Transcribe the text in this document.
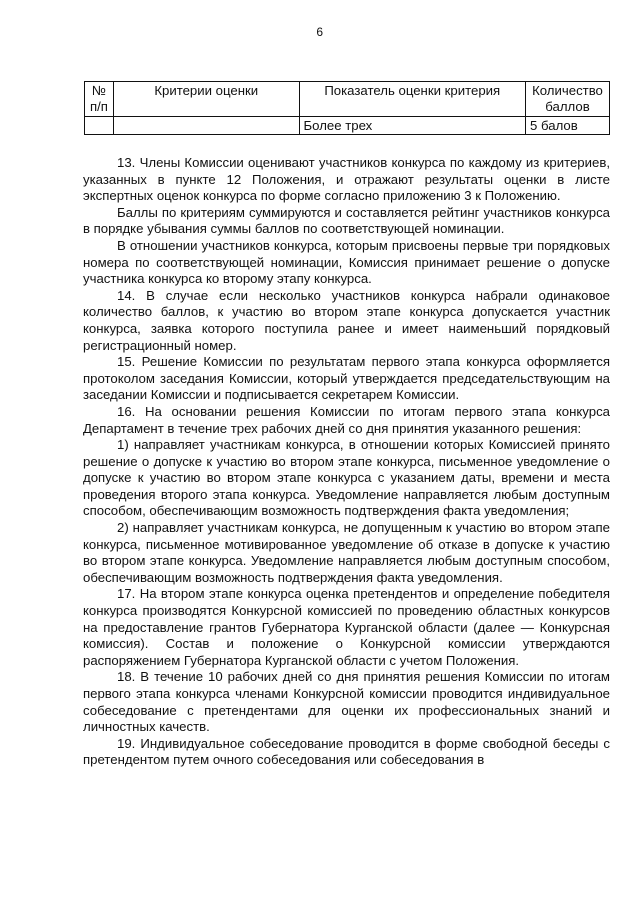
6
№
п/п	Критерии оценки	Показатель оценки критерия	Количество баллов
		Более трех	5 балов

13. Члены Комиссии оценивают участников конкурса по каждому из критериев, указанных в пункте 12 Положения, и отражают результаты оценки в листе экспертных оценок конкурса по форме согласно приложению 3 к Положению.

Баллы по критериям суммируются и составляется рейтинг участников конкурса в порядке убывания суммы баллов по соответствующей номинации.

В отношении участников конкурса, которым присвоены первые три порядковых номера по соответствующей номинации, Комиссия принимает решение о допуске участника конкурса ко второму этапу конкурса.

14. В случае если несколько участников конкурса набрали одинаковое количество баллов, к участию во втором этапе конкурса допускается участник конкурса, заявка которого поступила ранее и имеет наименьший порядковый регистрационный номер.

15. Решение Комиссии по результатам первого этапа конкурса оформляется протоколом заседания Комиссии, который утверждается председательствующим на заседании Комиссии и подписывается секретарем Комиссии.

16. На основании решения Комиссии по итогам первого этапа конкурса Департамент в течение трех рабочих дней со дня принятия указанного решения:

1) направляет участникам конкурса, в отношении которых Комиссией принято решение о допуске к участию во втором этапе конкурса, письменное уведомление о допуске к участию во втором этапе конкурса с указанием даты, времени и места проведения второго этапа конкурса. Уведомление направляется любым доступным способом, обеспечивающим возможность подтверждения факта уведомления;

2) направляет участникам конкурса, не допущенным к участию во втором этапе конкурса, письменное мотивированное уведомление об отказе в допуске к участию во втором этапе конкурса. Уведомление направляется любым доступным способом, обеспечивающим возможность подтверждения факта уведомления.

17. На втором этапе конкурса оценка претендентов и определение победителя конкурса производятся Конкурсной комиссией по проведению областных конкурсов на предоставление грантов Губернатора Курганской области (далее — Конкурсная комиссия). Состав и положение о Конкурсной комиссии утверждаются распоряжением Губернатора Курганской области с учетом Положения.

18. В течение 10 рабочих дней со дня принятия решения Комиссии по итогам первого этапа конкурса членами Конкурсной комиссии проводится индивидуальное собеседование с претендентами для оценки их профессиональных знаний и личностных качеств.

19. Индивидуальное собеседование проводится в форме свободной беседы с претендентом путем очного собеседования или собеседования в
